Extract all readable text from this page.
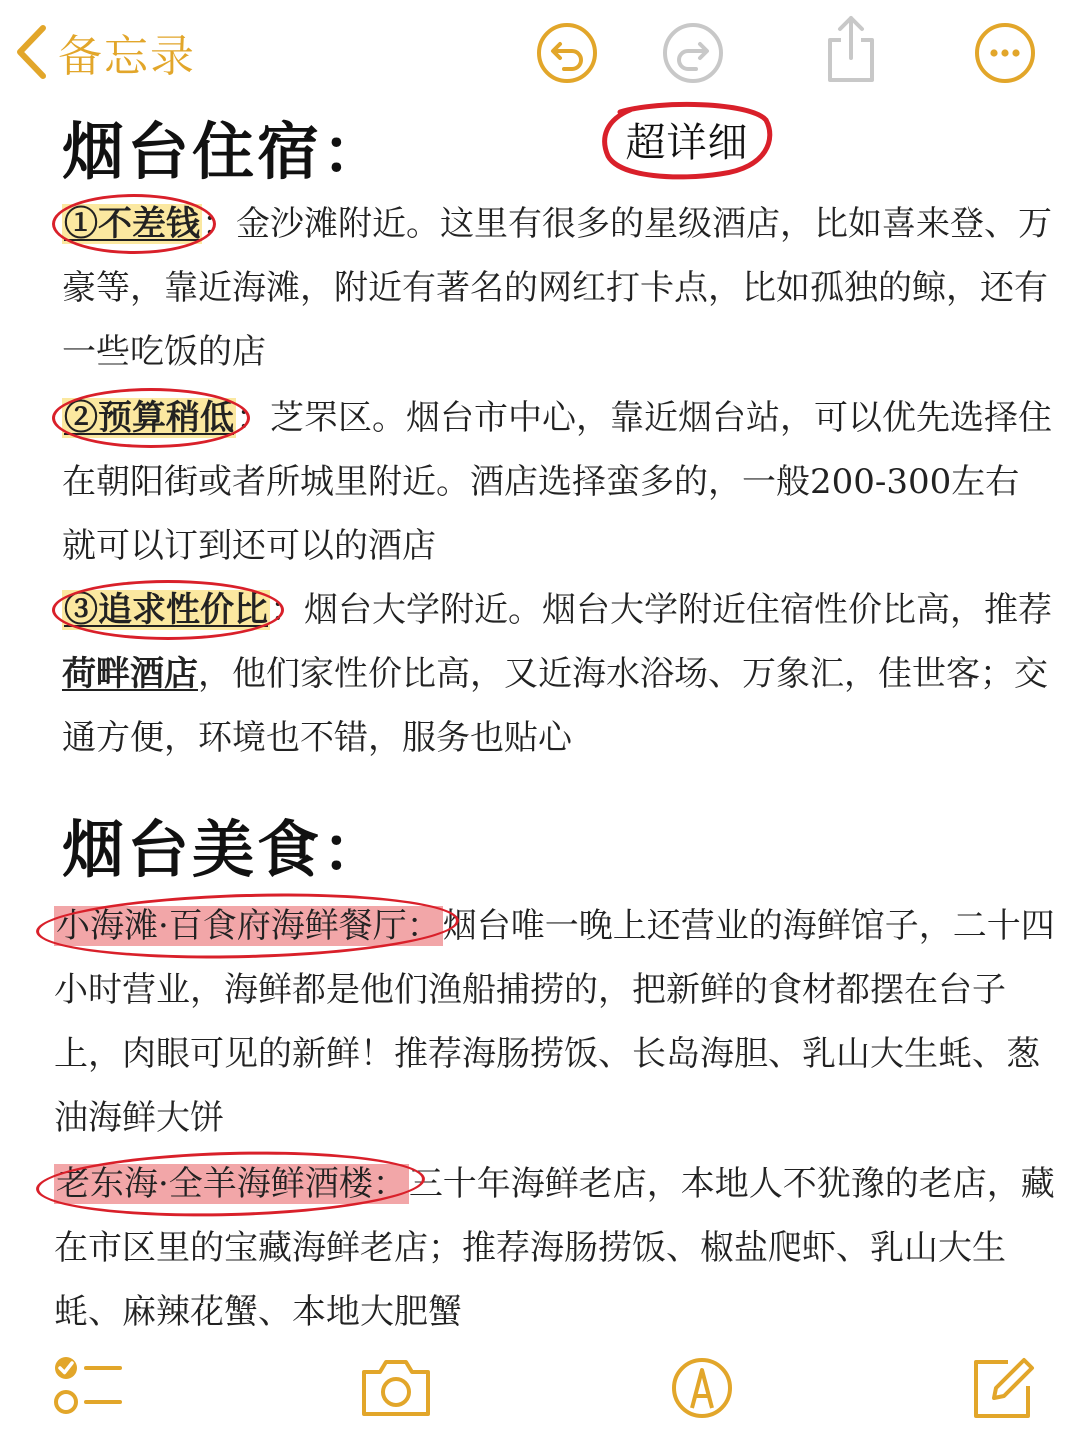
备忘录
烟台住宿：	超详细

①不差钱
：金沙滩附近。这里有很多的星级酒店，比如喜来登、万豪等，靠近海滩，附近有著名的网红打卡点，比如孤独的鲸，还有一些吃饭的店

②预算稍低
：芝罘区。烟台市中心，靠近烟台站，可以优先选择住在朝阳街或者所城里附近。酒店选择蛮多的，一般200-300左右就可以订到还可以的酒店

③追求性价比
：烟台大学附近。烟台大学附近住宿性价比高，推荐荷畔酒店，他们家性价比高，又近海水浴场、万象汇，佳世客；交通方便，环境也不错，服务也贴心

烟台美食：

小海滩·百食府海鲜餐厅：
烟台唯一晚上还营业的海鲜馆子，二十四小时营业，海鲜都是他们渔船捕捞的，把新鲜的食材都摆在台子上，肉眼可见的新鲜！推荐海肠捞饭、长岛海胆、乳山大生蚝、葱油海鲜大饼

老东海·全羊海鲜酒楼：
三十年海鲜老店，本地人不犹豫的老店，藏在市区里的宝藏海鲜老店；推荐海肠捞饭、椒盐爬虾、乳山大生蚝、麻辣花蟹、本地大肥蟹
